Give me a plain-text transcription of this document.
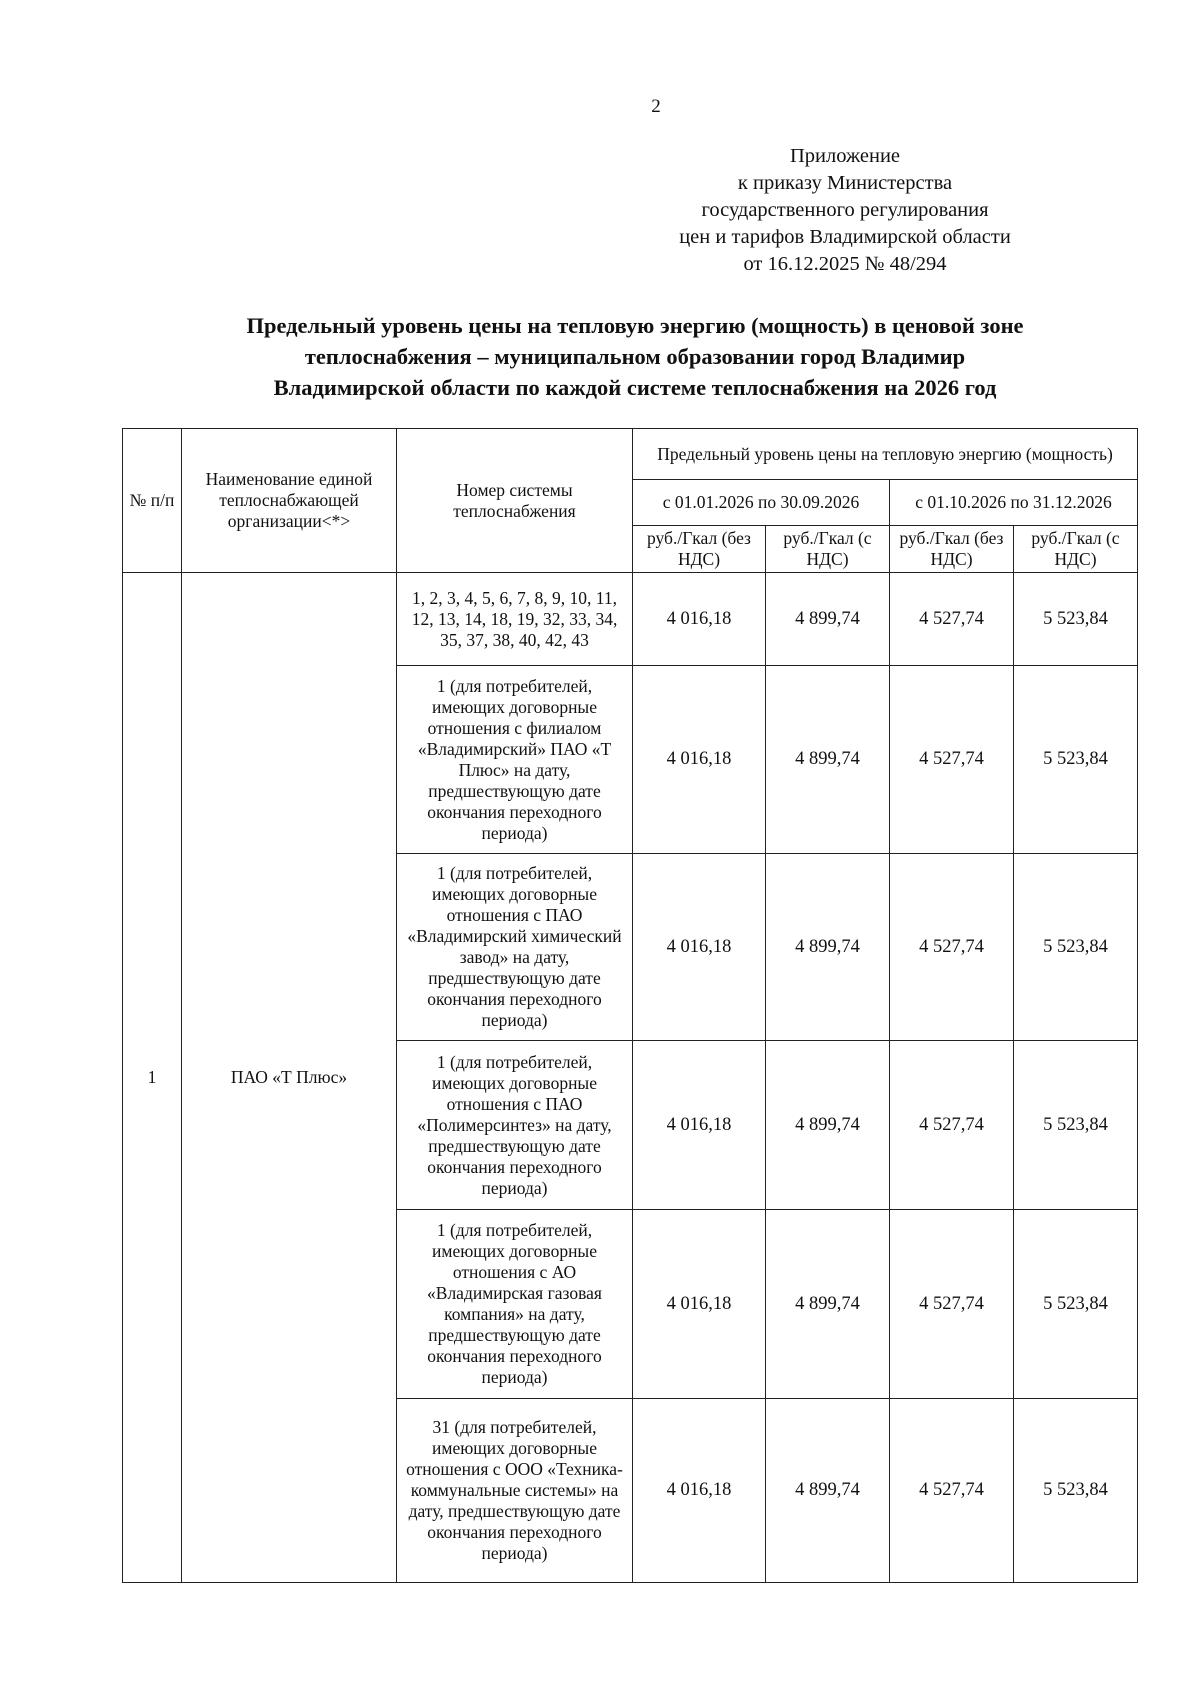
2
Приложение
к приказу Министерства
государственного регулирования
цен и тарифов Владимирской области
от 16.12.2025 № 48/294
Предельный уровень цены на тепловую энергию (мощность) в ценовой зоне
теплоснабжения – муниципальном образовании город Владимир
Владимирской области по каждой системе теплоснабжения на 2026 год
№ п/п	Наименование единой теплоснабжающей организации<*>	Номер системы теплоснабжения	Предельный уровень цены на тепловую энергию (мощность)			
			с 01.01.2026 по 30.09.2026		с 01.10.2026 по 31.12.2026	
			руб./Гкал (без НДС)	руб./Гкал (с НДС)	руб./Гкал (без НДС)	руб./Гкал (с НДС)
1	ПАО «Т Плюс»	1, 2, 3, 4, 5, 6, 7, 8, 9, 10, 11, 12, 13, 14, 18, 19, 32, 33, 34, 35, 37, 38, 40, 42, 43	4 016,18	4 899,74	4 527,74	5 523,84
		1 (для потребителей, имеющих договорные отношения с филиалом «Владимирский» ПАО «Т Плюс» на дату, предшествующую дате окончания переходного периода)	4 016,18	4 899,74	4 527,74	5 523,84
		1 (для потребителей, имеющих договорные отношения с ПАО «Владимирский химический завод» на дату, предшествующую дате окончания переходного периода)	4 016,18	4 899,74	4 527,74	5 523,84
		1 (для потребителей, имеющих договорные отношения с ПАО «Полимерсинтез» на дату, предшествующую дате окончания переходного периода)	4 016,18	4 899,74	4 527,74	5 523,84
		1 (для потребителей, имеющих договорные отношения с АО «Владимирская газовая компания» на дату, предшествующую дате окончания переходного периода)	4 016,18	4 899,74	4 527,74	5 523,84
		31 (для потребителей, имеющих договорные отношения с ООО «Техника-коммунальные системы» на дату, предшествующую дате окончания переходного периода)	4 016,18	4 899,74	4 527,74	5 523,84
